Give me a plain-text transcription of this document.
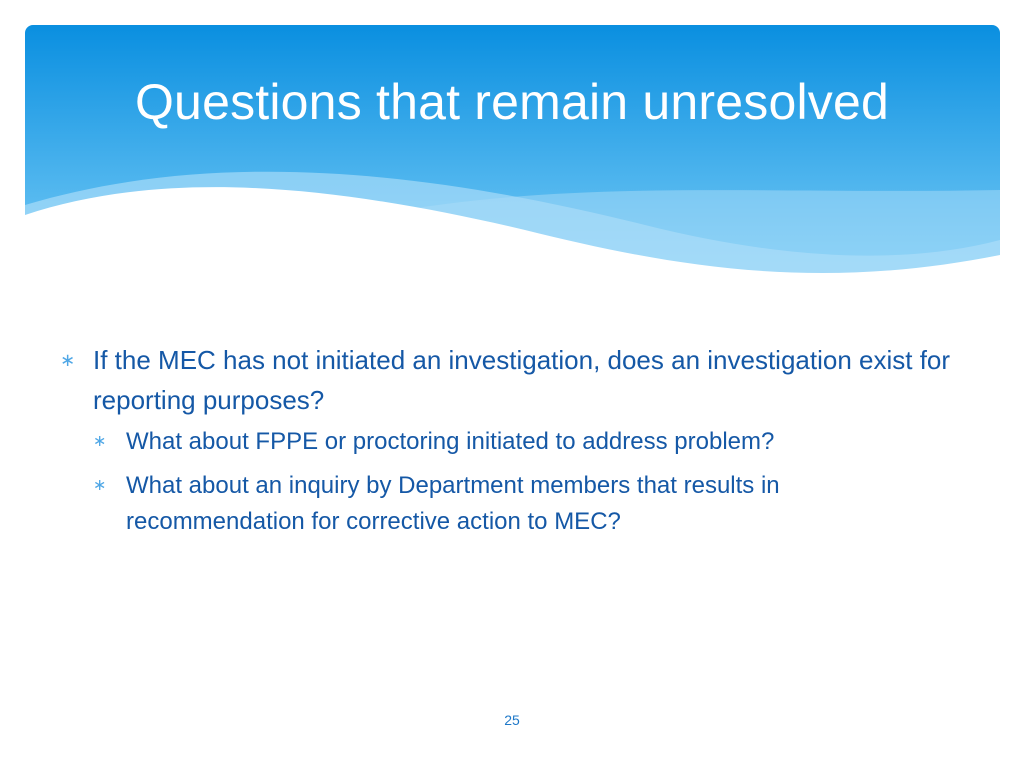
Questions that remain unresolved
∗ If the MEC has not initiated an investigation, does an investigation exist for reporting purposes?
∗ What about FPPE or proctoring initiated to address problem?
∗ What about an inquiry by Department members that results in recommendation for corrective action to MEC?
25
